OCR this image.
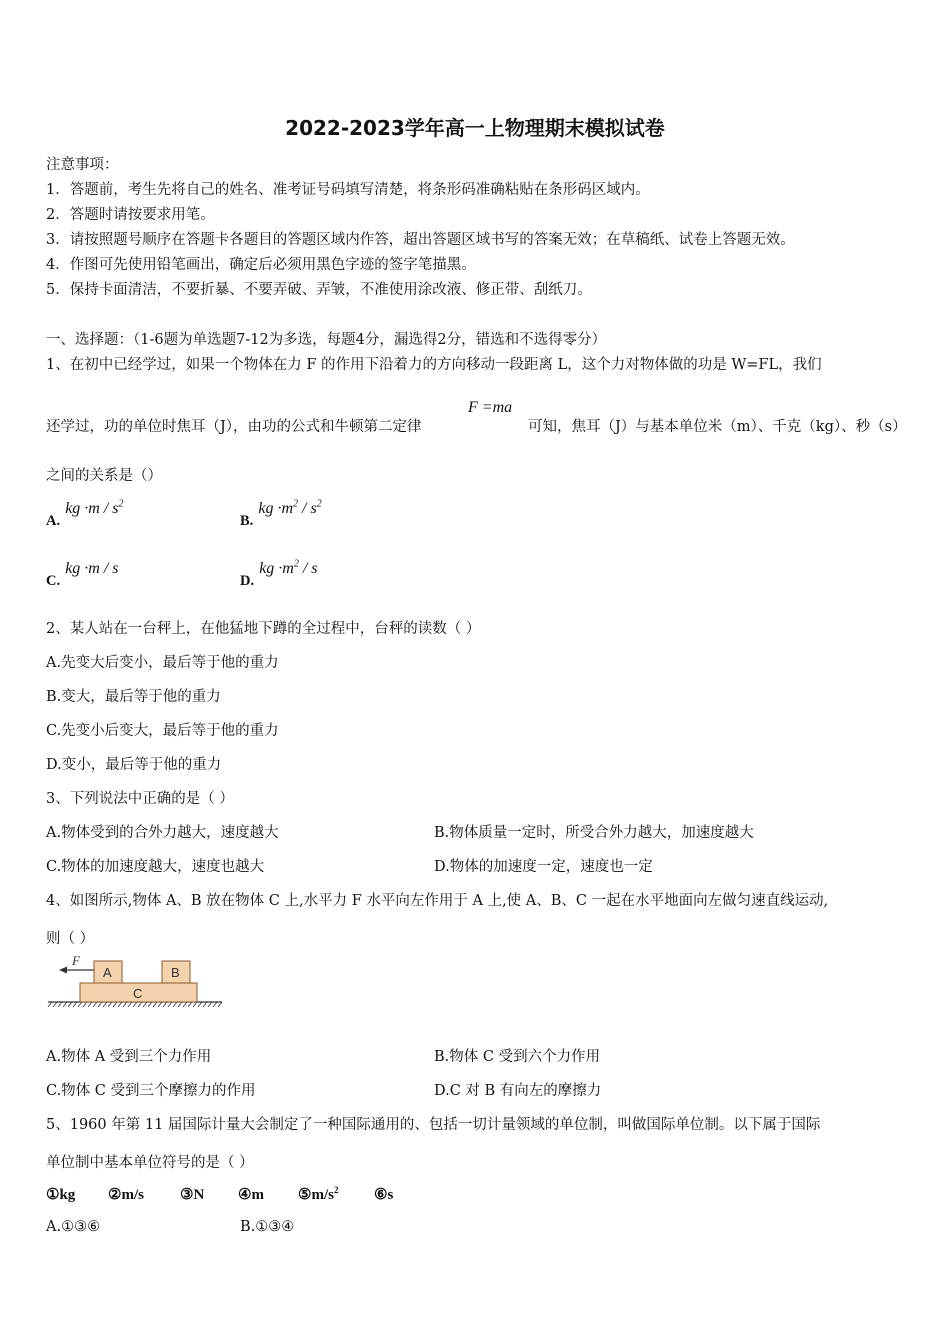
2022-2023学年高一上物理期末模拟试卷
注意事项：
1．答题前，考生先将自己的姓名、准考证号码填写清楚，将条形码准确粘贴在条形码区域内。
2．答题时请按要求用笔。
3．请按照题号顺序在答题卡各题目的答题区域内作答，超出答题区域书写的答案无效；在草稿纸、试卷上答题无效。
4．作图可先使用铅笔画出，确定后必须用黑色字迹的签字笔描黑。
5．保持卡面清洁，不要折暴、不要弄破、弄皱，不准使用涂改液、修正带、刮纸刀。
一、选择题：（1-6题为单选题7-12为多选，每题4分，漏选得2分，错选和不选得零分）
1、在初中已经学过，如果一个物体在力 F 的作用下沿着力的方向移动一段距离 L，这个力对物体做的功是 W=FL，我们
还学过，功的单位时焦耳（J），由功的公式和牛顿第二定律
F =ma
可知，焦耳（J）与基本单位米（m）、千克（kg）、秒（s）
之间的关系是（）
A. kg $\cdot m / s^2$
B. kg $\cdot m^2 / s^2$
C. kg ·m / s
D. kg $\cdot m^2 / s$
2、某人站在一台秤上，在他猛地下蹲的全过程中，台秤的读数（ ）
A.先变大后变小，最后等于他的重力
B.变大，最后等于他的重力
C.先变小后变大，最后等于他的重力
D.变小，最后等于他的重力
3、下列说法中正确的是（ ）
A.物体受到的合外力越大，速度越大	B.物体质量一定时，所受合外力越大，加速度越大
C.物体的加速度越大，速度也越大	D.物体的加速度一定，速度也一定
4、如图所示,物体 A、B 放在物体 C 上,水平力 F 水平向左作用于 A 上,使 A、B、C 一起在水平地面向左做匀速直线运动,
则（ ）
F
A	B
C
A.物体 A 受到三个力作用	B.物体 C 受到六个力作用
C.物体 C 受到三个摩擦力的作用	D.C 对 B 有向左的摩擦力
5、1960 年第 11 届国际计量大会制定了一种国际通用的、包括一切计量领域的单位制，叫做国际单位制。以下属于国际
单位制中基本单位符号的是（ ）
①kg ②m/s ③N ④m $⑤m/s^2$ ⑥s
A.①③⑥	B.①③④
